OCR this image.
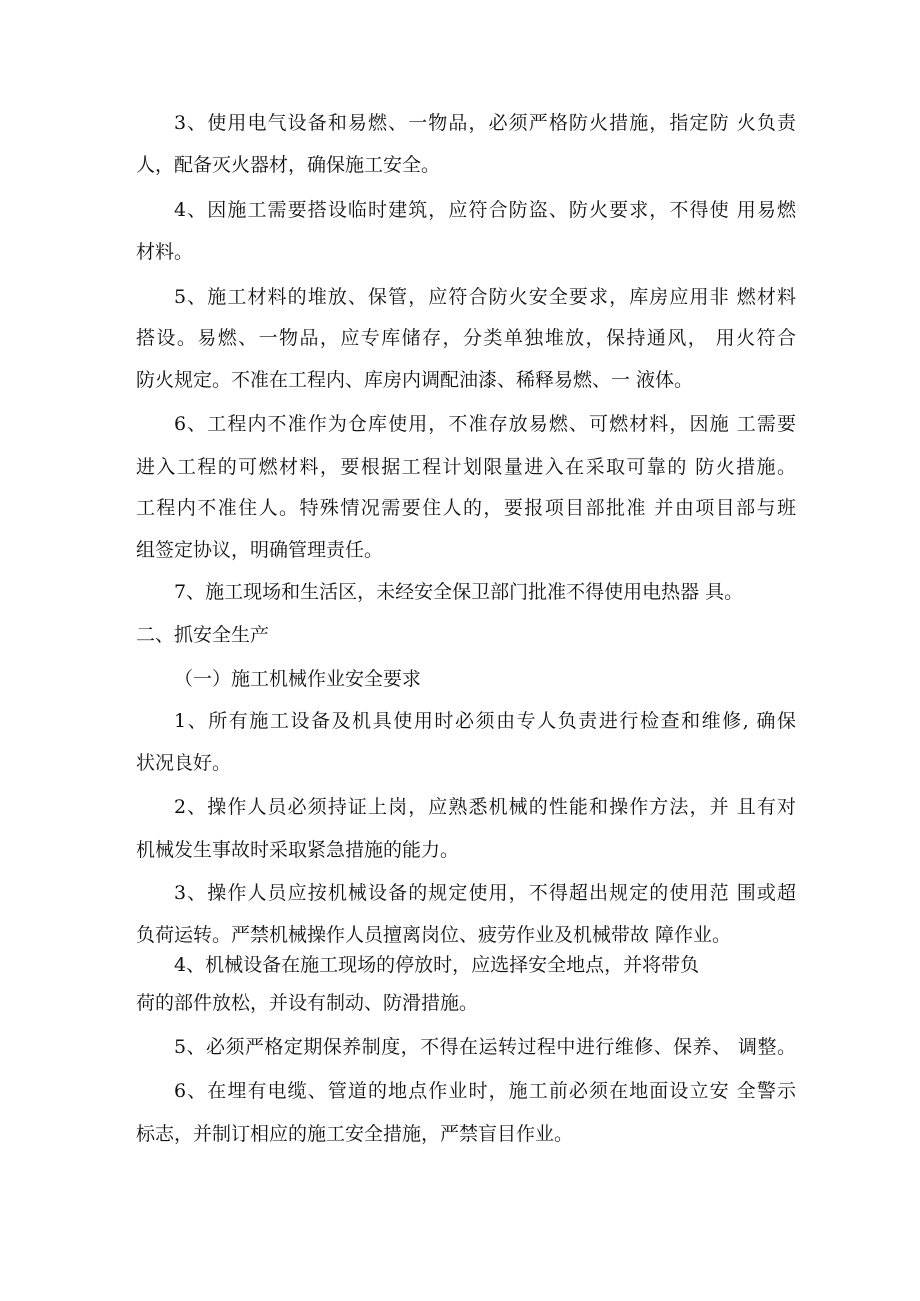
3、使用电气设备和易燃、一物品，必须严格防火措施，指定防 火负责
人，配备灭火器材，确保施工安全。
4、因施工需要搭设临时建筑，应符合防盗、防火要求，不得使 用易燃
材料。
5、施工材料的堆放、保管，应符合防火安全要求，库房应用非 燃材料
搭设。易燃、一物品，应专库储存，分类单独堆放，保持通风， 用火符合
防火规定。不准在工程内、库房内调配油漆、稀释易燃、一 液体。
6、工程内不准作为仓库使用，不准存放易燃、可燃材料，因施 工需要
进入工程的可燃材料，要根据工程计划限量进入在采取可靠的 防火措施。
工程内不准住人。特殊情况需要住人的，要报项目部批准 并由项目部与班
组签定协议，明确管理责任。
7、施工现场和生活区，未经安全保卫部门批准不得使用电热器 具。
二、抓安全生产
（一）施工机械作业安全要求
1、所有施工设备及机具使用时必须由专人负责进行检查和维修, 确保
状况良好。
2、操作人员必须持证上岗，应熟悉机械的性能和操作方法，并 且有对
机械发生事故时采取紧急措施的能力。
3、操作人员应按机械设备的规定使用，不得超出规定的使用范 围或超
负荷运转。严禁机械操作人员擅离岗位、疲劳作业及机械带故 障作业。
4、机械设备在施工现场的停放时，应选择安全地点，并将带负
荷的部件放松，并设有制动、防滑措施。
5、必须严格定期保养制度，不得在运转过程中进行维修、保养、 调整。
6、在埋有电缆、管道的地点作业时，施工前必须在地面设立安 全警示
标志，并制订相应的施工安全措施，严禁盲目作业。
